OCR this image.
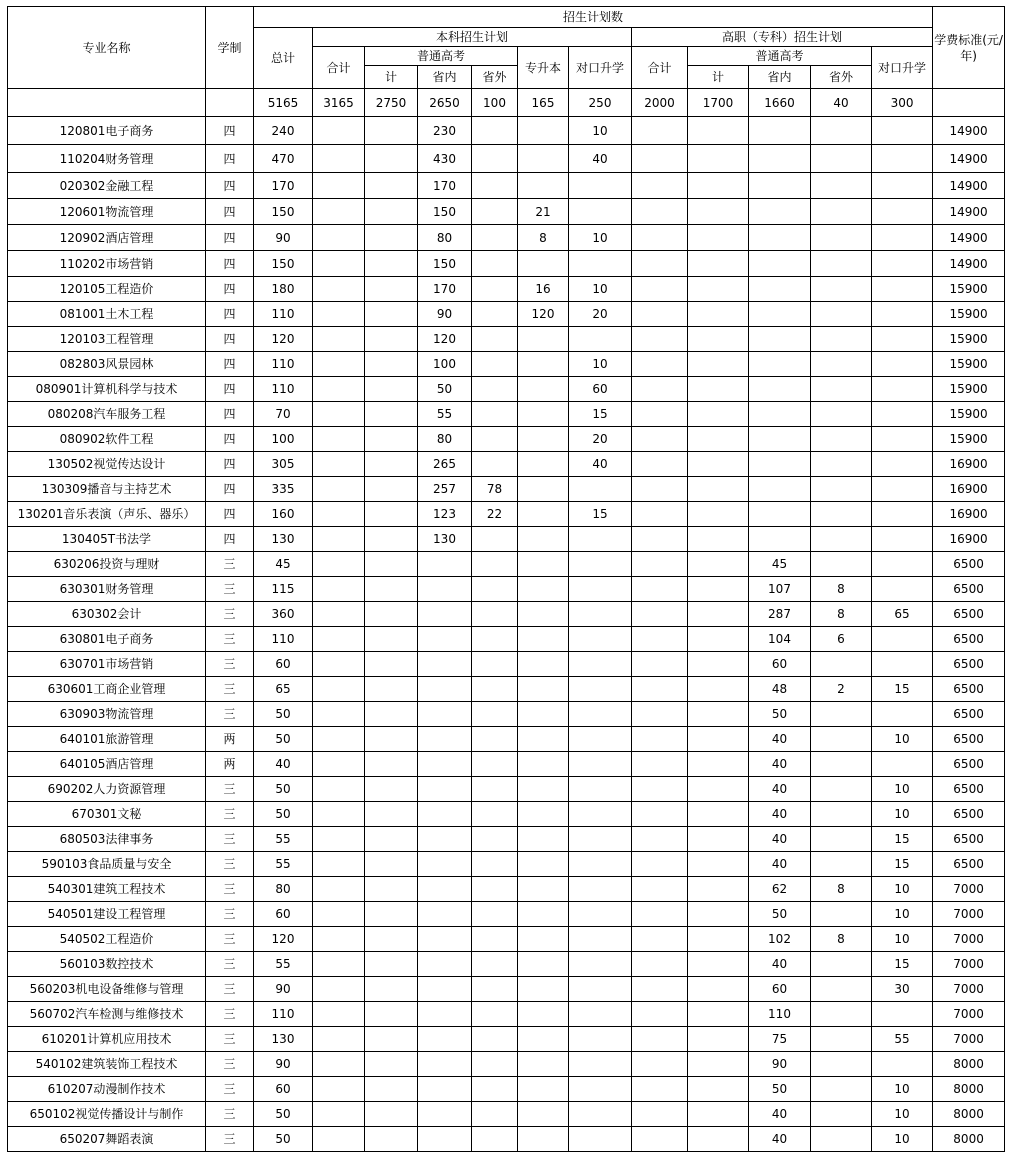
专业名称	学制	招生计划数												学费标准(元/年)
		总计	本科招生计划						高职（专科）招生计划					
			合计	普通高考			专升本	对口升学	合计	普通高考			对口升学	
				计	省内	省外				计	省内	省外		
		5165	3165	2750	2650	100	165	250	2000	1700	1660	40	300	
120801电子商务	四	240			230			10						14900
110204财务管理	四	470			430			40						14900
020302金融工程	四	170			170									14900
120601物流管理	四	150			150		21							14900
120902酒店管理	四	90			80		8	10						14900
110202市场营销	四	150			150									14900
120105工程造价	四	180			170		16	10						15900
081001土木工程	四	110			90		120	20						15900
120103工程管理	四	120			120									15900
082803风景园林	四	110			100			10						15900
080901计算机科学与技术	四	110			50			60						15900
080208汽车服务工程	四	70			55			15						15900
080902软件工程	四	100			80			20						15900
130502视觉传达设计	四	305			265			40						16900
130309播音与主持艺术	四	335			257	78								16900
130201音乐表演（声乐、器乐）	四	160			123	22		15						16900
130405T书法学	四	130			130									16900
630206投资与理财	三	45									45			6500
630301财务管理	三	115									107	8		6500
630302会计	三	360									287	8	65	6500
630801电子商务	三	110									104	6		6500
630701市场营销	三	60									60			6500
630601工商企业管理	三	65									48	2	15	6500
630903物流管理	三	50									50			6500
640101旅游管理	两	50									40		10	6500
640105酒店管理	两	40									40			6500
690202人力资源管理	三	50									40		10	6500
670301文秘	三	50									40		10	6500
680503法律事务	三	55									40		15	6500
590103食品质量与安全	三	55									40		15	6500
540301建筑工程技术	三	80									62	8	10	7000
540501建设工程管理	三	60									50		10	7000
540502工程造价	三	120									102	8	10	7000
560103数控技术	三	55									40		15	7000
560203机电设备维修与管理	三	90									60		30	7000
560702汽车检测与维修技术	三	110									110			7000
610201计算机应用技术	三	130									75		55	7000
540102建筑装饰工程技术	三	90									90			8000
610207动漫制作技术	三	60									50		10	8000
650102视觉传播设计与制作	三	50									40		10	8000
650207舞蹈表演	三	50									40		10	8000
